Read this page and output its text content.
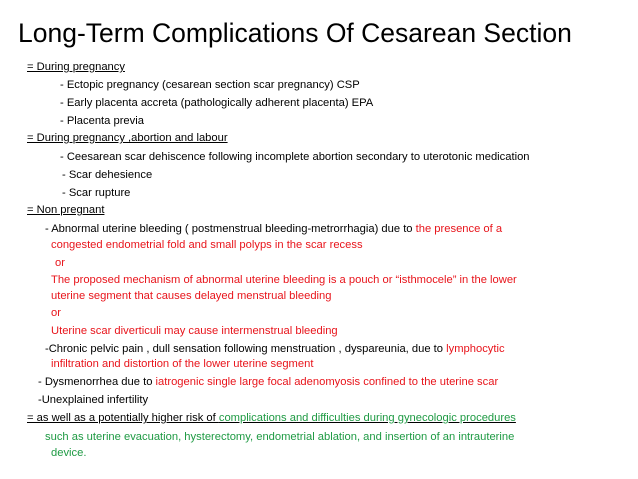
Long-Term Complications Of Cesarean Section
= During pregnancy
- Ectopic pregnancy (cesarean section scar pregnancy) CSP
- Early placenta accreta (pathologically adherent placenta) EPA
- Placenta previa
= During pregnancy ,abortion and labour
- Ceesarean scar dehiscence following incomplete abortion secondary to uterotonic medication
- Scar dehesience
- Scar rupture
= Non pregnant
- Abnormal uterine bleeding ( postmenstrual bleeding-metrorrhagia) due to the presence of a
congested endometrial fold and small polyps in the scar recess
or
The proposed mechanism of abnormal uterine bleeding is a pouch or “isthmocele” in the lower
uterine segment that causes delayed menstrual bleeding
or
Uterine scar diverticuli may cause intermenstrual bleeding
-Chronic pelvic pain , dull sensation following menstruation , dyspareunia, due to lymphocytic
infiltration and distortion of the lower uterine segment
- Dysmenorrhea due to iatrogenic single large focal adenomyosis confined to the uterine scar
-Unexplained infertility
= as well as a potentially higher risk of complications and difficulties during gynecologic procedures
such as uterine evacuation, hysterectomy, endometrial ablation, and insertion of an intrauterine
device.
